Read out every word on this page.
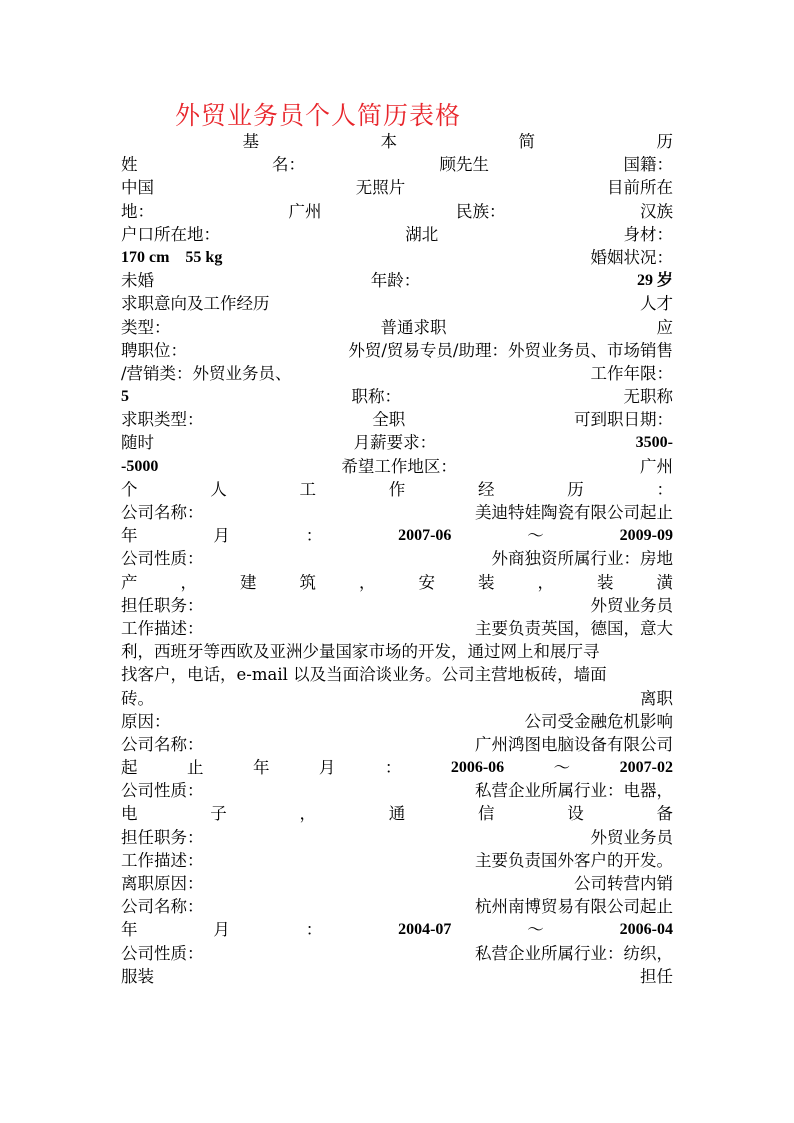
外贸业务员个人简历表格
基	本	简	历
姓	名：	顾先生	国籍：
中国	无照片	目前所在
地：	广州	民族：	汉族
户口所在地：	湖北	身材：
170 cm　55 kg	婚姻状况：
未婚	年龄：	29 岁
求职意向及工作经历	人才
类型：	普通求职	应
聘职位：	外贸/贸易专员/助理：外贸业务员、市场销售
/营销类：外贸业务员、	工作年限：
5	职称：	无职称
求职类型：	全职	可到职日期：
随时	月薪要求：	3500-
-5000	希望工作地区：	广州
个	人	工	作	经	历	：
公司名称：	美迪特娃陶瓷有限公司起止
年	月	：	2007-06	～	2009-09
公司性质：	外商独资所属行业：房地
产	，	建	筑	，	安	装	，	装	潢
担任职务：	外贸业务员
工作描述：	主要负责英国，德国，意大
利，西班牙等西欧及亚洲少量国家市场的开发，通过网上和展厅寻
找客户，电话，e-mail 以及当面洽谈业务。公司主营地板砖，墙面
砖。	离职
原因：	公司受金融危机影响
公司名称：	广州鸿图电脑设备有限公司
起	止	年	月	：	2006-06	～	2007-02
公司性质：	私营企业所属行业：电器，
电	子	，	通	信	设	备
担任职务：	外贸业务员
工作描述：	主要负责国外客户的开发。
离职原因：	公司转营内销
公司名称：	杭州南博贸易有限公司起止
年	月	：	2004-07	～	2006-04
公司性质：	私营企业所属行业：纺织，
服装	担任
